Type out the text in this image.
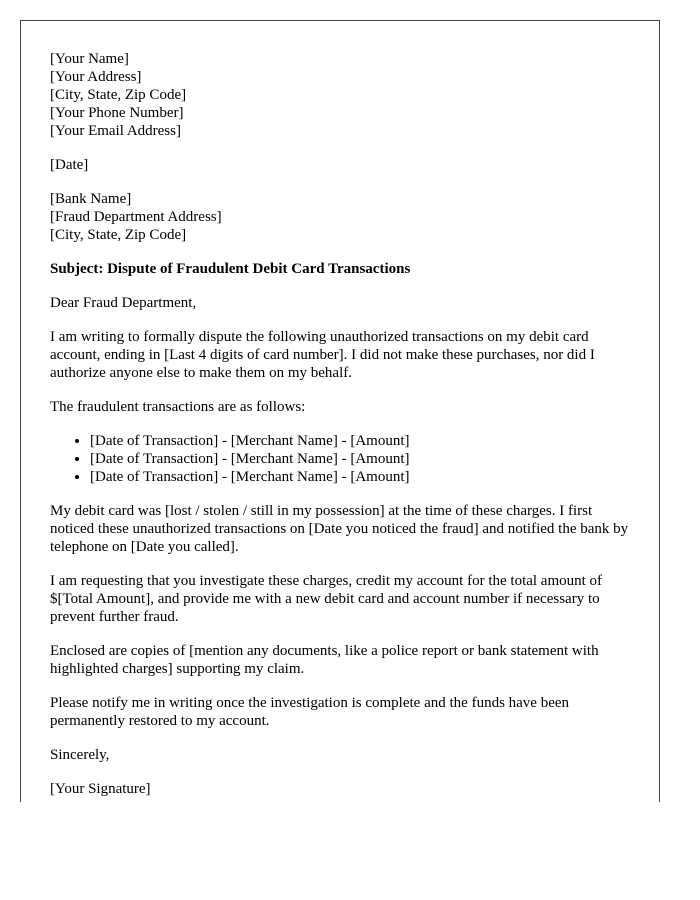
[Your Name]
[Your Address]
[City, State, Zip Code]
[Your Phone Number]
[Your Email Address]
[Date]
[Bank Name]
[Fraud Department Address]
[City, State, Zip Code]
Subject: Dispute of Fraudulent Debit Card Transactions

Dear Fraud Department,

I am writing to formally dispute the following unauthorized transactions on my debit card account, ending in [Last 4 digits of card number]. I did not make these purchases, nor did I authorize anyone else to make them on my behalf.

The fraudulent transactions are as follows:

• [Date of Transaction] - [Merchant Name] - [Amount]
• [Date of Transaction] - [Merchant Name] - [Amount]
• [Date of Transaction] - [Merchant Name] - [Amount]

My debit card was [lost / stolen / still in my possession] at the time of these charges. I first noticed these unauthorized transactions on [Date you noticed the fraud] and notified the bank by telephone on [Date you called].

I am requesting that you investigate these charges, credit my account for the total amount of $[Total Amount], and provide me with a new debit card and account number if necessary to prevent further fraud.

Enclosed are copies of [mention any documents, like a police report or bank statement with highlighted charges] supporting my claim.

Please notify me in writing once the investigation is complete and the funds have been permanently restored to my account.

Sincerely,

[Your Signature]
